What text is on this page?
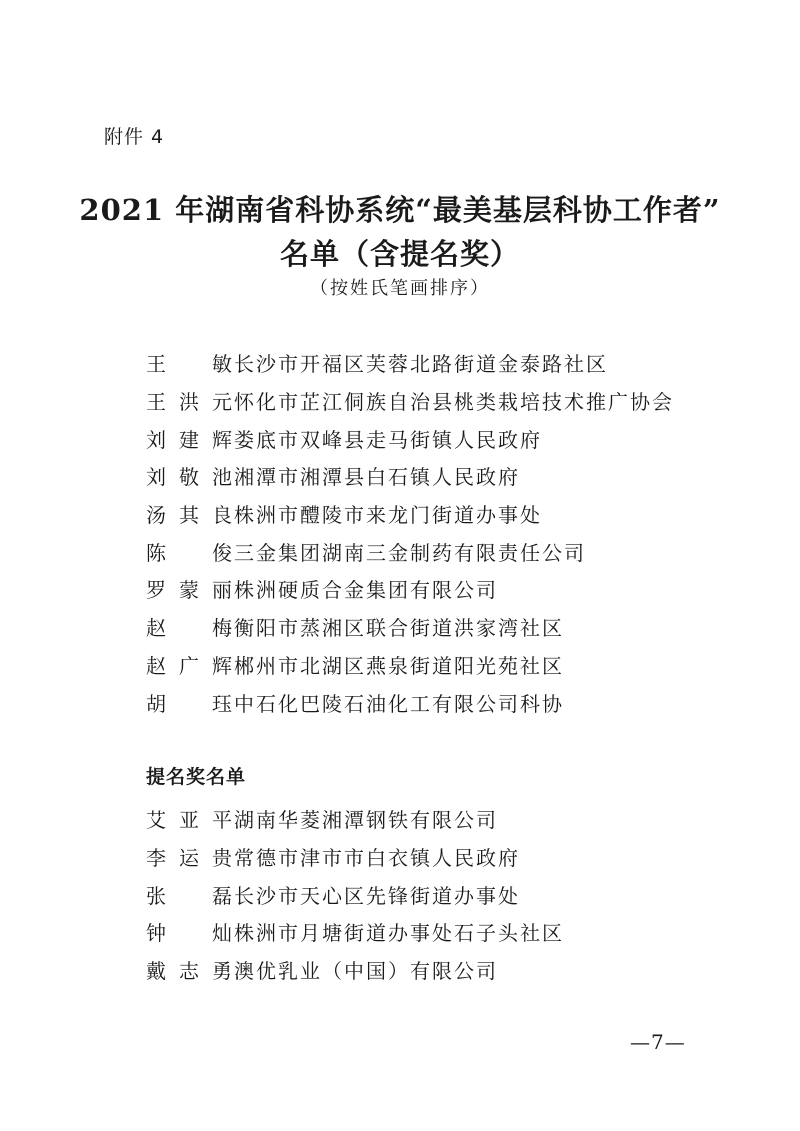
附件 4
2021 年湖南省科协系统“最美基层科协工作者”
名单（含提名奖）
（按姓氏笔画排序）
王　敏 长沙市开福区芙蓉北路街道金泰路社区
王洪元 怀化市芷江侗族自治县桃类栽培技术推广协会
刘建辉 娄底市双峰县走马街镇人民政府
刘敬池 湘潭市湘潭县白石镇人民政府
汤其良 株洲市醴陵市来龙门街道办事处
陈　俊 三金集团湖南三金制药有限责任公司
罗蒙丽 株洲硬质合金集团有限公司
赵　梅 衡阳市蒸湘区联合街道洪家湾社区
赵广辉 郴州市北湖区燕泉街道阳光苑社区
胡　珏 中石化巴陵石油化工有限公司科协
提名奖名单
艾亚平 湖南华菱湘潭钢铁有限公司
李运贵 常德市津市市白衣镇人民政府
张　磊 长沙市天心区先锋街道办事处
钟　灿 株洲市月塘街道办事处石子头社区
戴志勇 澳优乳业（中国）有限公司
—7—
